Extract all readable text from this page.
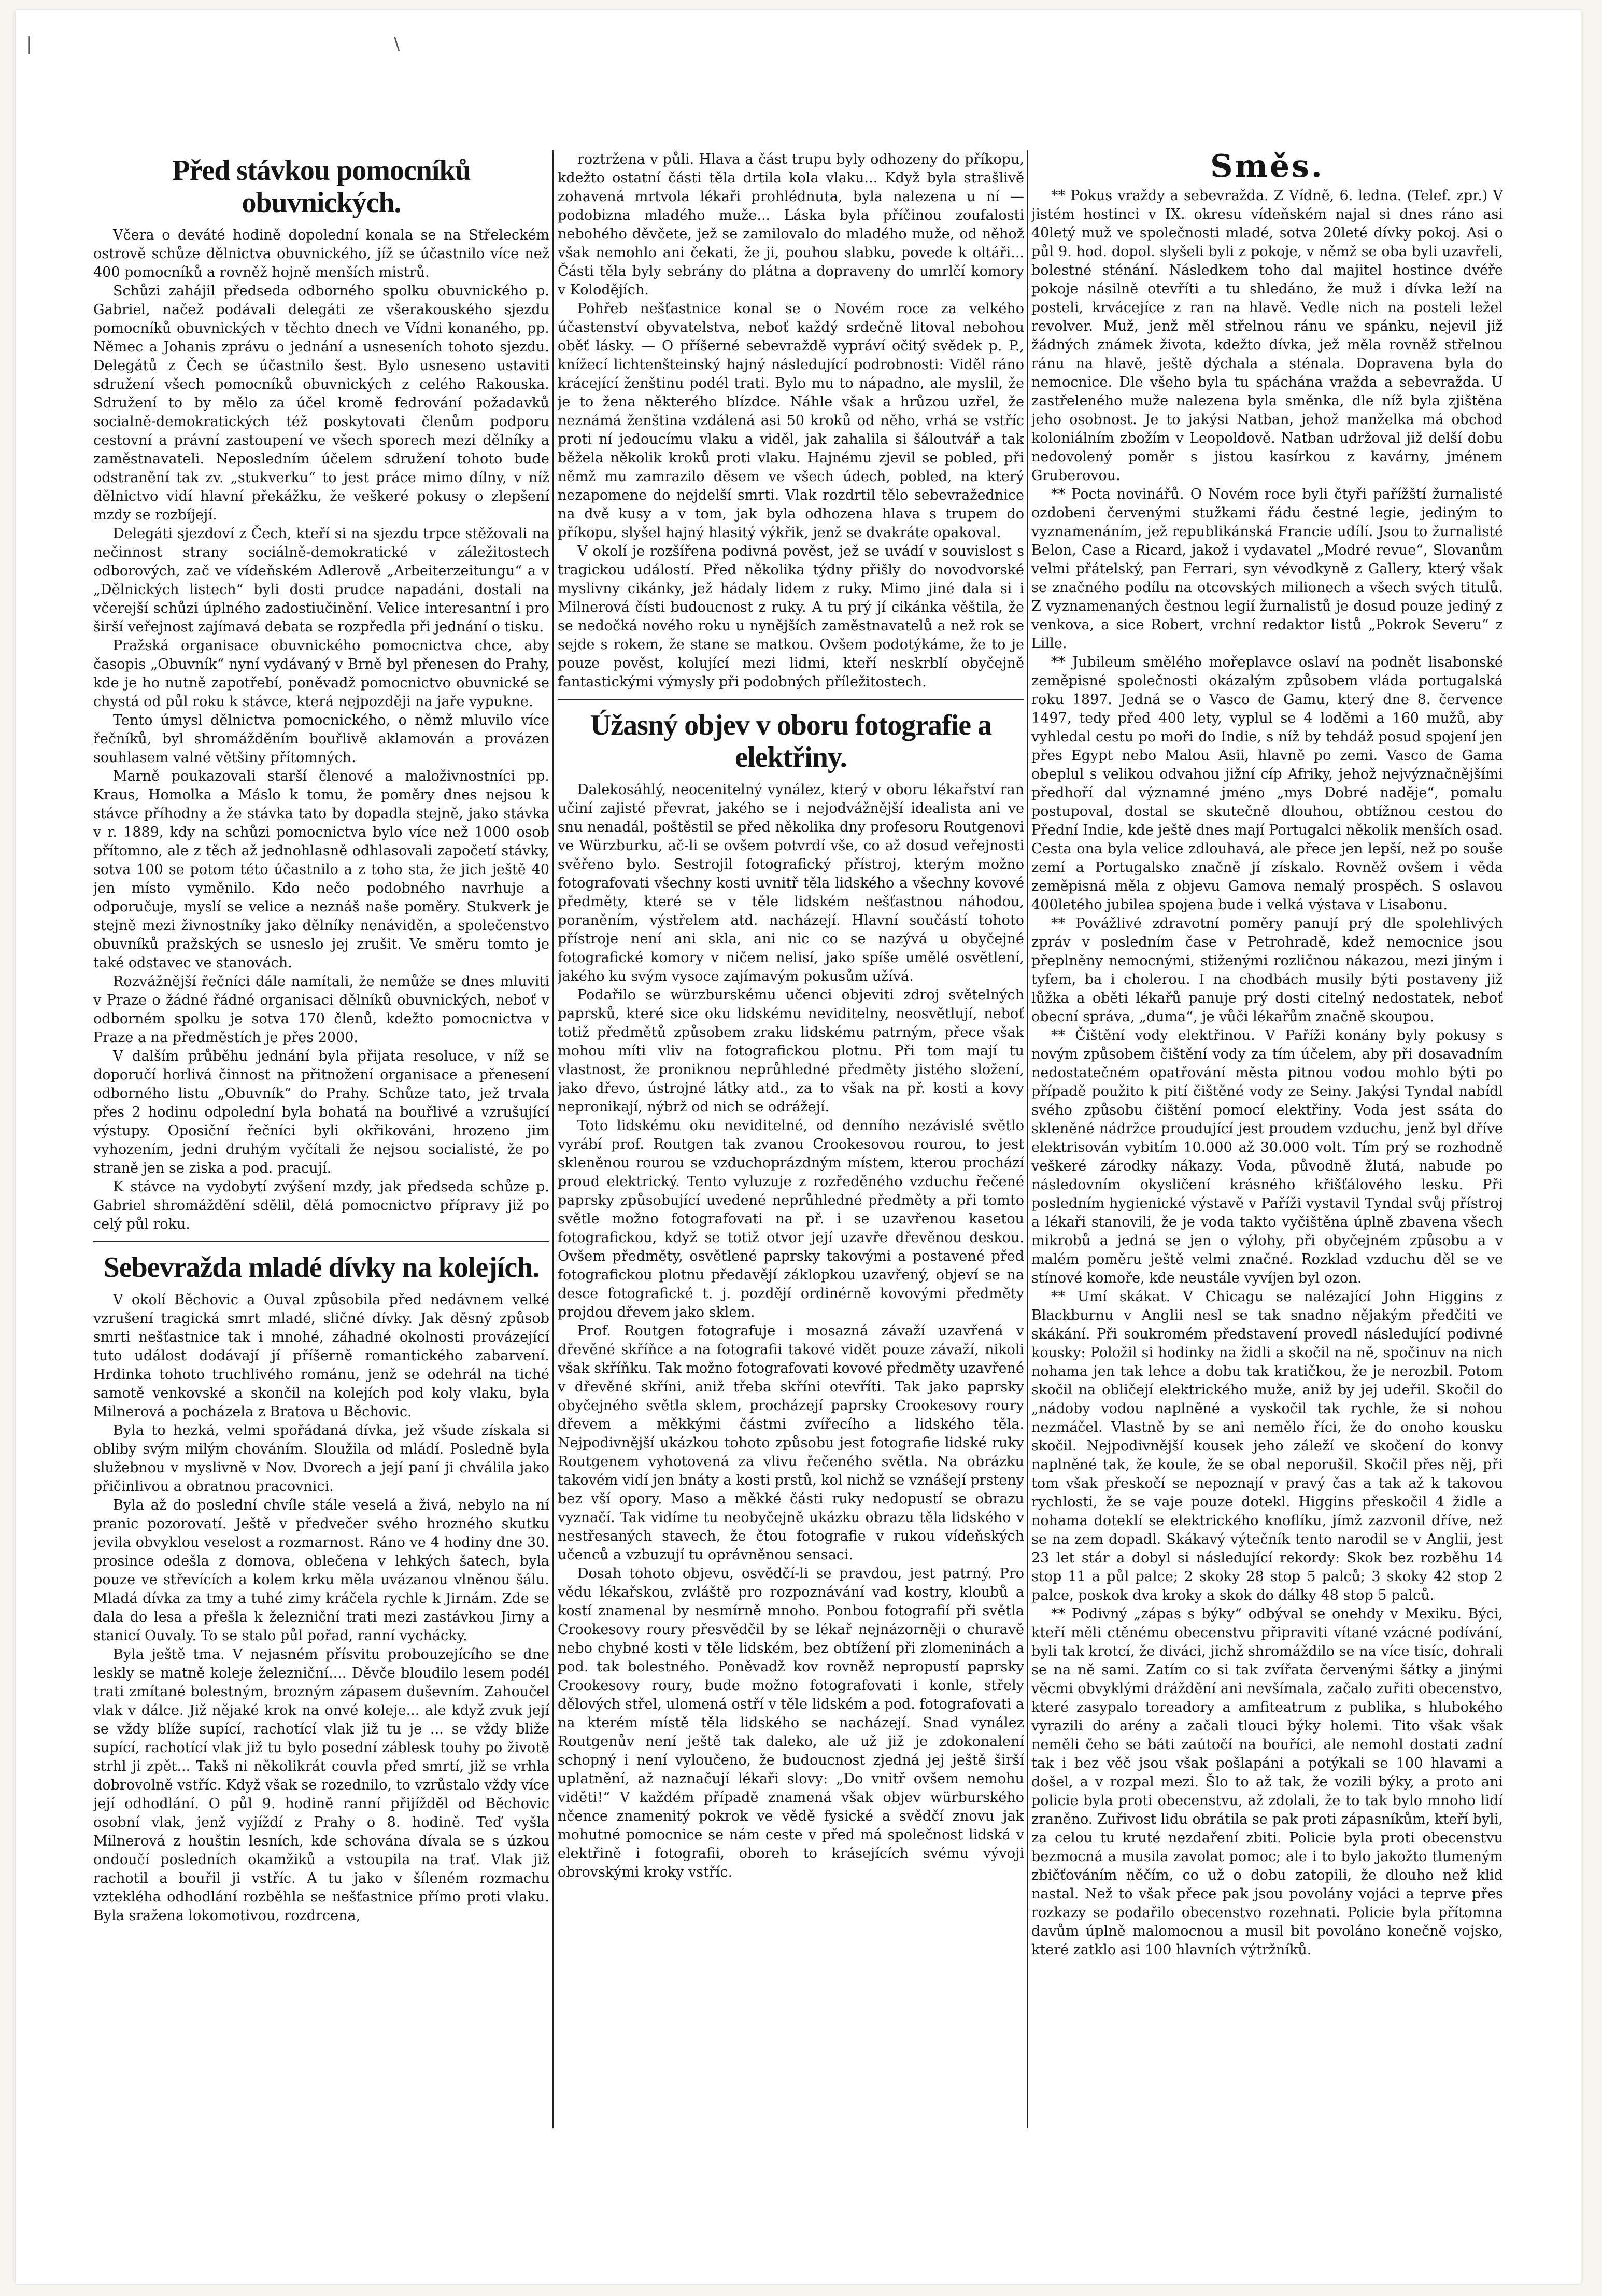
|	\
Před stávkou pomocníků obuvnických.

Včera o deváté hodině dopolední konala se na Střeleckém ostrově schůze dělnictva obuvnického, jíž se účastnilo více než 400 pomocníků a rovněž hojně menších mistrů.

Schůzi zahájil předseda odborného spolku obuvnického p. Gabriel, načež podávali delegáti ze všerakouského sjezdu pomocníků obuvnických v těchto dnech ve Vídni konaného, pp. Němec a Johanis zprávu o jednání a usneseních tohoto sjezdu. Delegátů z Čech se účastnilo šest. Bylo usneseno ustaviti sdružení všech pomocníků obuvnických z celého Rakouska. Sdružení to by mělo za účel kromě fedrování požadavků socialně-demokratických též poskytovati členům podporu cestovní a právní zastoupení ve všech sporech mezi dělníky a zaměstnavateli. Neposledním účelem sdružení tohoto bude odstranění tak zv. „stukverku“ to jest práce mimo dílny, v níž dělnictvo vidí hlavní překážku, že veškeré pokusy o zlepšení mzdy se rozbíjejí.

Delegáti sjezdoví z Čech, kteří si na sjezdu trpce stěžovali na nečinnost strany sociálně-demokratické v záležitostech odborových, zač ve vídeňském Adlerově „Arbeiterzeitungu“ a v „Dělnických listech“ byli dosti prudce napadáni, dostali na včerejší schůzi úplného zadostiučinění. Velice interesantní i pro širší veřejnost zajímavá debata se rozpředla při jednání o tisku.

Pražská organisace obuvnického pomocnictva chce, aby časopis „Obuvník“ nyní vydávaný v Brně byl přenesen do Prahy, kde je ho nutně zapotřebí, poněvadž pomocnictvo obuvnické se chystá od půl roku k stávce, která nejpozději na jaře vypukne.

Tento úmysl dělnictva pomocnického, o němž mluvilo více řečníků, byl shromážděním bouřlivě aklamován a provázen souhlasem valné většiny přítomných.

Marně poukazovali starší členové a maloživnostníci pp. Kraus, Homolka a Máslo k tomu, že poměry dnes nejsou k stávce příhodny a že stávka tato by dopadla stejně, jako stávka v r. 1889, kdy na schůzi pomocnictva bylo více než 1000 osob přítomno, ale z těch až jednohlasně odhlasovali započetí stávky, sotva 100 se potom této účastnilo a z toho sta, že jich ještě 40 jen místo vyměnilo. Kdo nečo podobného navrhuje a odporučuje, myslí se velice a neznáš naše poměry. Stukverk je stejně mezi živnostníky jako dělníky nenáviděn, a společenstvo obuvníků pražských se usneslo jej zrušit. Ve směru tomto je také odstavec ve stanovách.

Rozvážnější řečníci dále namítali, že nemůže se dnes mluviti v Praze o žádné řádné organisaci dělníků obuvnických, neboť v odborném spolku je sotva 170 členů, kdežto pomocnictva v Praze a na předměstích je přes 2000.

V dalším průběhu jednání byla přijata resoluce, v níž se doporučí horlivá činnost na přitnožení organisace a přenesení odborného listu „Obuvník“ do Prahy. Schůze tato, jež trvala přes 2 hodinu odpolední byla bohatá na bouřlivé a vzrušující výstupy. Oposiční řečníci byli okřikováni, hrozeno jim vyhozením, jedni druhým vyčítali že nejsou socialisté, že po straně jen se ziska a pod. pracují.

K stávce na vydobytí zvýšení mzdy, jak předseda schůze p. Gabriel shromáždění sdělil, dělá pomocnictvo přípravy již po celý půl roku.

Sebevražda mladé dívky na kolejích.

V okolí Běchovic a Ouval způsobila před nedávnem velké vzrušení tragická smrt mladé, sličné dívky. Jak děsný způsob smrti nešťastnice tak i mnohé, záhadné okolnosti provázející tuto událost dodávají jí příšerně romantického zabarvení. Hrdinka tohoto truchlivého románu, jenž se odehrál na tiché samotě venkovské a skončil na kolejích pod koly vlaku, byla Milnerová a pocházela z Bratova u Běchovic.

Byla to hezká, velmi spořádaná dívka, jež všude získala si obliby svým milým chováním. Sloužila od mládí. Posledně byla služebnou v myslivně v Nov. Dvorech a její paní ji chválila jako přičinlivou a obratnou pracovnici.

Byla až do poslední chvíle stále veselá a živá, nebylo na ní pranic pozorovatí. Ještě v předvečer svého hrozného skutku jevila obvyklou veselost a rozmarnost. Ráno ve 4 hodiny dne 30. prosince odešla z domova, oblečena v lehkých šatech, byla pouze ve střevících a kolem krku měla uvázanou vlněnou šálu. Mladá dívka za tmy a tuhé zimy kráčela rychle k Jirnám. Zde se dala do lesa a přešla k železniční trati mezi zastávkou Jirny a stanicí Ouvaly. To se stalo půl pořad, ranní vychácky.

Byla ještě tma. V nejasném přísvitu probouzejícího se dne leskly se matně koleje železniční.... Děvče bloudilo lesem podél trati zmítané bolestným, brozným zápasem duševním. Zahoučel vlak v dálce. Již nějaké krok na onvé koleje... ale když zvuk její se vždy blíže supící, rachotící vlak již tu je ... se vždy bliže supící, rachotící vlak již tu bylo posední záblesk touhy po životě strhl ji zpět... Takš ni několikrát couvla před smrtí, již se vrhla dobrovolně vstříc. Když však se rozednilo, to vzrůstalo vždy více její odhodlání. O půl 9. hodině ranní přijížděl od Běchovic osobní vlak, jenž vyjíždí z Prahy o 8. hodině. Teď vyšla Milnerová z houštin lesních, kde schována dívala se s úzkou ondoučí posledních okamžiků a vstoupila na trať. Vlak již rachotil a bouřil ji vstříc. A tu jako v šíleném rozmachu vztekléha odhodlání rozběhla se nešťastnice přímo proti vlaku. Byla sražena lokomotivou, rozdrcena,

roztržena v půli. Hlava a část trupu byly odhozeny do příkopu, kdežto ostatní části těla drtila kola vlaku... Když byla strašlivě zohavená mrtvola lékaři prohlédnuta, byla nalezena u ní — podobizna mladého muže... Láska byla příčinou zoufalosti nebohého děvčete, jež se zamilovalo do mladého muže, od něhož však nemohlo ani čekati, že ji, pouhou slabku, povede k oltáři... Části těla byly sebrány do plátna a dopraveny do umrlčí komory v Kolodějích.

Pohřeb nešťastnice konal se o Novém roce za velkého účastenství obyvatelstva, neboť každý srdečně litoval nebohou oběť lásky. — O příšerné sebevraždě vypráví očitý svědek p. P., knížecí lichtenšteinský hajný následující podrobnosti: Viděl ráno krácející ženštinu podél trati. Bylo mu to nápadno, ale myslil, že je to žena některého blízdce. Náhle však a hrůzou uzřel, že neznámá ženština vzdálená asi 50 kroků od něho, vrhá se vstříc proti ní jedoucímu vlaku a viděl, jak zahalila si šáloutvář a tak běžela několik kroků proti vlaku. Hajnému zjevil se pobled, při němž mu zamrazilo děsem ve všech údech, pobled, na který nezapomene do nejdelší smrti. Vlak rozdrtil tělo sebevražednice na dvě kusy a v tom, jak byla odhozena hlava s trupem do příkopu, slyšel hajný hlasitý výkřik, jenž se dvakráte opakoval.

V okolí je rozšířena podivná pověst, jež se uvádí v souvislost s tragickou událostí. Před několika týdny přišly do novodvorské myslivny cikánky, jež hádaly lidem z ruky. Mimo jiné dala si i Milnerová čísti budoucnost z ruky. A tu prý jí cikánka věštila, že se nedočká nového roku u nynějších zaměstnavatelů a než rok se sejde s rokem, že stane se matkou. Ovšem podotýkáme, že to je pouze pověst, kolující mezi lidmi, kteří neskrblí obyčejně fantastickými výmysly při podobných příležitostech.

Úžasný objev v oboru fotografie a elektřiny.

Dalekosáhlý, neocenitelný vynález, který v oboru lékařství ran učiní zajisté převrat, jakého se i nejodvážnější idealista ani ve snu nenadál, poštěstil se před několika dny profesoru Routgenovi ve Würzburku, ač-li se ovšem potvrdí vše, co až dosud veřejnosti svěřeno bylo. Sestrojil fotografický přístroj, kterým možno fotografovati všechny kosti uvnitř těla lidského a všechny kovové předměty, které se v těle lidském nešťastnou náhodou, poraněním, výstřelem atd. nacházejí. Hlavní součástí tohoto přístroje není ani skla, ani nic co se nazývá u obyčejné fotografické komory v ničem nelisí, jako spíše umělé osvětlení, jakého ku svým vysoce zajímavým pokusům užívá.

Podařilo se würzburskému učenci objeviti zdroj světelných paprsků, které sice oku lidskému neviditelny, neosvětlují, neboť totiž předmětů způsobem zraku lidskému patrným, přece však mohou míti vliv na fotografickou plotnu. Při tom mají tu vlastnost, že proniknou neprůhledné předměty jistého složení, jako dřevo, ústrojné látky atd., za to však na př. kosti a kovy nepronikají, nýbrž od nich se odrážejí.

Toto lidskému oku neviditelné, od denního nezávislé světlo vyrábí prof. Routgen tak zvanou Crookesovou rourou, to jest skleněnou rourou se vzduchoprázdným místem, kterou prochází proud elektrický. Tento vyluzuje z rozředěného vzduchu řečené paprsky způsobující uvedené neprůhledné předměty a při tomto světle možno fotografovati na př. i se uzavřenou kasetou fotografickou, když se totiž otvor její uzavře dřevěnou deskou. Ovšem předměty, osvětlené paprsky takovými a postavené před fotografickou plotnu předavějí záklopkou uzavřený, objeví se na desce fotografické t. j. pozdějí ordinérně kovovými předměty projdou dřevem jako sklem.

Prof. Routgen fotografuje i mosazná závaží uzavřená v dřevěné skříňce a na fotografii takové vidět pouze závaží, nikoli však skříňku. Tak možno fotografovati kovové předměty uzavřené v dřevěné skříni, aniž třeba skříni otevříti. Tak jako paprsky obyčejného světla sklem, procházejí paprsky Crookesovy roury dřevem a měkkými částmi zvířecího a lidského těla. Nejpodivnější ukázkou tohoto způsobu jest fotografie lidské ruky Routgenem vyhotovená za vlivu řečeného světla. Na obrázku takovém vidí jen bnáty a kosti prstů, kol nichž se vznášejí prsteny bez vší opory. Maso a měkké části ruky nedopustí se obrazu vyznačí. Tak vidíme tu neobyčejně ukázku obrazu těla lidského v nestřesaných stavech, že čtou fotografie v rukou vídeňských učenců a vzbuzují tu oprávněnou sensaci.

Dosah tohoto objevu, osvědčí-li se pravdou, jest patrný. Pro vědu lékařskou, zvláště pro rozpoznávání vad kostry, kloubů a kostí znamenal by nesmírně mnoho. Ponbou fotografií při světla Crookesovy roury přesvědčil by se lékař nejnázorněji o churavě nebo chybné kosti v těle lidském, bez obtížení při zlomeninách a pod. tak bolestného. Poněvadž kov rovněž nepropustí paprsky Crookesovy roury, bude možno fotografovati i konle, střely dělových střel, ulomená ostří v těle lidském a pod. fotografovati a na kterém místě těla lidského se nacházejí. Snad vynález Routgenův není ještě tak daleko, ale už již je zdokonalení schopný i není vyloučeno, že budoucnost zjedná jej ještě širší uplatnění, až naznačují lékaři slovy: „Do vnitř ovšem nemohu viděti!“ V každém případě znamená však objev würburského nčence znamenitý pokrok ve vědě fysické a svědčí znovu jak mohutné pomocnice se nám ceste v před má společnost lidská v elektřině i fotografii, oboreh to krásejících svému vývoji obrovskými kroky vstříc.

Směs.

** Pokus vraždy a sebevražda. Z Vídně, 6. ledna. (Telef. zpr.) V jistém hostinci v IX. okresu vídeňském najal si dnes ráno asi 40letý muž ve společnosti mladé, sotva 20leté dívky pokoj. Asi o půl 9. hod. dopol. slyšeli byli z pokoje, v němž se oba byli uzavřeli, bolestné sténání. Následkem toho dal majitel hostince dvéře pokoje násilně otevříti a tu shledáno, že muž i dívka leží na posteli, krvácejíce z ran na hlavě. Vedle nich na posteli ležel revolver. Muž, jenž měl střelnou ránu ve spánku, nejevil již žádných známek života, kdežto dívka, jež měla rovněž střelnou ránu na hlavě, ještě dýchala a sténala. Dopravena byla do nemocnice. Dle všeho byla tu spáchána vražda a sebevražda. U zastřeleného muže nalezena byla směnka, dle níž byla zjištěna jeho osobnost. Je to jakýsi Natban, jehož manželka má obchod koloniálním zbožím v Leopoldově. Natban udržoval již delší dobu nedovolený poměr s jistou kasírkou z kavárny, jménem Gruberovou.

** Pocta novinářů. O Novém roce byli čtyři pařížští žurnalisté ozdobeni červenými stužkami řádu čestné legie, jediným to vyznamenáním, jež republikánská Francie udílí. Jsou to žurnalisté Belon, Case a Ricard, jakož i vydavatel „Modré revue“, Slovanům velmi přátelský, pan Ferrari, syn vévodkyně z Gallery, který však se značného podílu na otcovských milionech a všech svých titulů. Z vyznamenaných čestnou legií žurnalistů je dosud pouze jediný z venkova, a sice Robert, vrchní redaktor listů „Pokrok Severu“ z Lille.

** Jubileum smělého mořeplavce oslaví na podnět lisabonské zeměpisné společnosti okázalým způsobem vláda portugalská roku 1897. Jedná se o Vasco de Gamu, který dne 8. července 1497, tedy před 400 lety, vyplul se 4 loděmi a 160 mužů, aby vyhledal cestu po moři do Indie, s níž by tehdáž posud spojení jen přes Egypt nebo Malou Asii, hlavně po zemi. Vasco de Gama obeplul s velikou odvahou jižní cíp Afriky, jehož nejvýznačnějšími předhoří dal významné jméno „mys Dobré naděje“, pomalu postupoval, dostal se skutečně dlouhou, obtížnou cestou do Přední Indie, kde ještě dnes mají Portugalci několik menších osad. Cesta ona byla velice zdlouhavá, ale přece jen lepší, než po souše zemí a Portugalsko značně jí získalo. Rovněž ovšem i věda zeměpisná měla z objevu Gamova nemalý prospěch. S oslavou 400letého jubilea spojena bude i velká výstava v Lisabonu.

** Povážlivé zdravotní poměry panují prý dle spolehlivých zpráv v posledním čase v Petrohradě, kdež nemocnice jsou přeplněny nemocnými, stiženými rozličnou nákazou, mezi jiným i tyfem, ba i cholerou. I na chodbách musily býti postaveny již lůžka a oběti lékařů panuje prý dosti citelný nedostatek, neboť obecní správa, „duma“, je vůči lékařům značně skoupou.

** Čištění vody elektřinou. V Paříži konány byly pokusy s novým způsobem čištění vody za tím účelem, aby při dosavadním nedostatečném opatřování města pitnou vodou mohlo býti po případě použito k pití čištěné vody ze Seiny. Jakýsi Tyndal nabídl svého způsobu čištění pomocí elektřiny. Voda jest ssáta do skleněné nádržce proudující jest proudem vzduchu, jenž byl dříve elektrisován vybitím 10.000 až 30.000 volt. Tím prý se rozhodně veškeré zárodky nákazy. Voda, původně žlutá, nabude po následovním okysličení krásného křišťálového lesku. Při posledním hygienické výstavě v Paříži vystavil Tyndal svůj přístroj a lékaři stanovili, že je voda takto vyčištěna úplně zbavena všech mikrobů a jedná se jen o výlohy, při obyčejném způsobu a v malém poměru ještě velmi značné. Rozklad vzduchu děl se ve stínové komoře, kde neustále vyvíjen byl ozon.

** Umí skákat. V Chicagu se nalézající John Higgins z Blackburnu v Anglii nesl se tak snadno nějakým předčiti ve skákání. Při soukromém představení provedl následující podivné kousky: Položil si hodinky na židli a skočil na ně, spočinuv na nich nohama jen tak lehce a dobu tak kratičkou, že je nerozbil. Potom skočil na obličejí elektrického muže, aniž by jej udeřil. Skočil do „nádoby vodou naplněné a vyskočil tak rychle, že si nohou nezmáčel. Vlastně by se ani nemělo říci, že do onoho kousku skočil. Nejpodivnější kousek jeho záleží ve skočení do konvy naplněné tak, že koule, že se obal neporušil. Skočil přes něj, při tom však přeskočí se nepoznají v pravý čas a tak až k takovou rychlosti, že se vaje pouze dotekl. Higgins přeskočil 4 židle a nohama doteklí se elektrického knoflíku, jímž zazvonil dříve, než se na zem dopadl. Skákavý výtečník tento narodil se v Anglii, jest 23 let stár a dobyl si následující rekordy: Skok bez rozběhu 14 stop 11 a půl palce; 2 skoky 28 stop 5 palců; 3 skoky 42 stop 2 palce, poskok dva kroky a skok do dálky 48 stop 5 palců.

** Podivný „zápas s býky“ odbýval se onehdy v Mexiku. Býci, kteří měli ctěnému obecenstvu připraviti vítané vzácné podívání, byli tak krotcí, že diváci, jichž shromáždilo se na více tisíc, dohrali se na ně sami. Zatím co si tak zvířata červenými šátky a jinými věcmi obvyklými dráždění ani nevšímala, začalo zuřiti obecenstvo, které zasypalo toreadory a amfiteatrum z publika, s hlubokého vyrazili do arény a začali tlouci býky holemi. Tito však však neměli čeho se báti zaútočí na bouříci, ale nemohl dostati zadní tak i bez věč jsou však pošlapáni a potýkali se 100 hlavami a došel, a v rozpal mezi. Šlo to až tak, že vozili býky, a proto ani policie byla proti obecenstvu, až zdolali, že to tak bylo mnoho lidí zraněno. Zuřivost lidu obrátila se pak proti zápasníkům, kteří byli, za celou tu kruté nezdaření zbiti. Policie byla proti obecenstvu bezmocná a musila zavolat pomoc; ale i to bylo jakožto tlumeným zbičťováním něčím, co už o dobu zatopili, že dlouho než klid nastal. Než to však přece pak jsou povolány vojáci a teprve přes rozkazy se podařilo obecenstvo rozehnati. Policie byla přítomna davům úplně malomocnou a musil bit povoláno konečně vojsko, které zatklo asi 100 hlavních výtržníků.
